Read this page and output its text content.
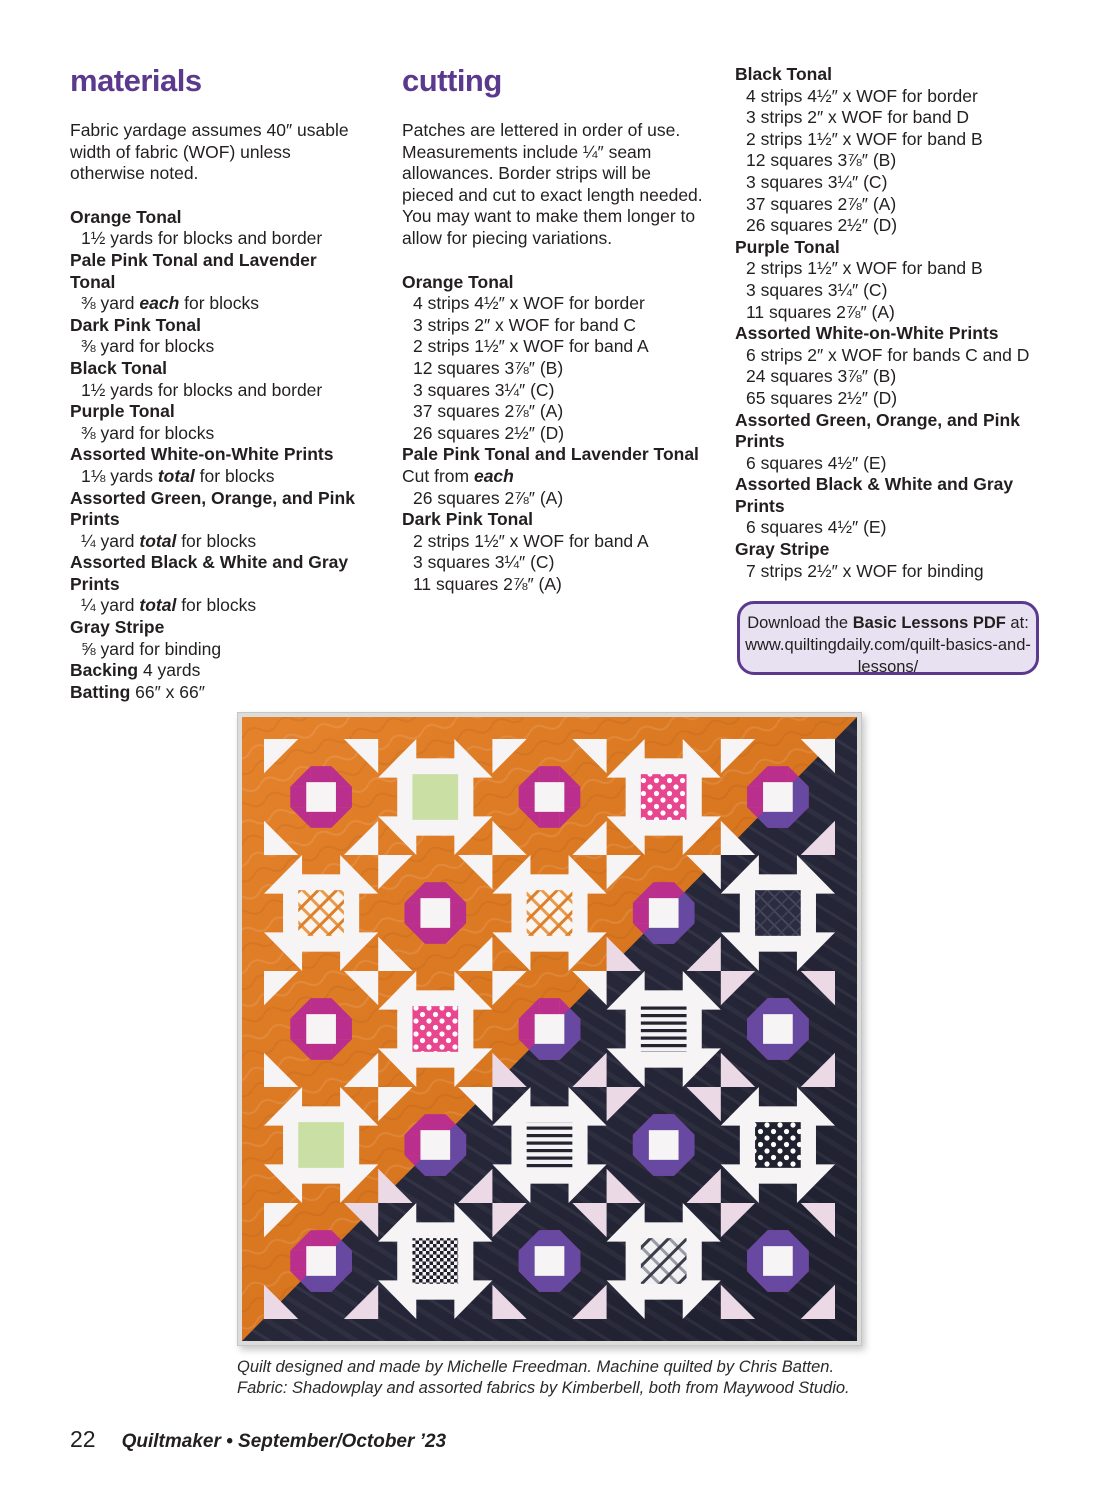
materials

Fabric yardage assumes 40″ usable width of fabric (WOF) unless otherwise noted.

Orange Tonal
1½ yards for blocks and border
Pale Pink Tonal and Lavender Tonal
⅜ yard each for blocks
Dark Pink Tonal
⅜ yard for blocks
Black Tonal
1½ yards for blocks and border
Purple Tonal
⅜ yard for blocks
Assorted White-on-White Prints
1⅛ yards total for blocks
Assorted Green, Orange, and Pink Prints
¼ yard total for blocks
Assorted Black & White and Gray Prints
¼ yard total for blocks
Gray Stripe
⅝ yard for binding
Backing 4 yards
Batting 66″ x 66″
cutting

Patches are lettered in order of use. Measurements include ¼″ seam allowances. Border strips will be pieced and cut to exact length needed. You may want to make them longer to allow for piecing variations.

Orange Tonal
4 strips 4½″ x WOF for border
3 strips 2″ x WOF for band C
2 strips 1½″ x WOF for band A
12 squares 3⅞″ (B)
3 squares 3¼″ (C)
37 squares 2⅞″ (A)
26 squares 2½″ (D)
Pale Pink Tonal and Lavender Tonal
Cut from each
26 squares 2⅞″ (A)
Dark Pink Tonal
2 strips 1½″ x WOF for band A
3 squares 3¼″ (C)
11 squares 2⅞″ (A)
Black Tonal
4 strips 4½″ x WOF for border
3 strips 2″ x WOF for band D
2 strips 1½″ x WOF for band B
12 squares 3⅞″ (B)
3 squares 3¼″ (C)
37 squares 2⅞″ (A)
26 squares 2½″ (D)
Purple Tonal
2 strips 1½″ x WOF for band B
3 squares 3¼″ (C)
11 squares 2⅞″ (A)
Assorted White-on-White Prints
6 strips 2″ x WOF for bands C and D
24 squares 3⅞″ (B)
65 squares 2½″ (D)
Assorted Green, Orange, and Pink Prints
6 squares 4½″ (E)
Assorted Black & White and Gray Prints
6 squares 4½″ (E)
Gray Stripe
7 strips 2½″ x WOF for binding
Download the Basic Lessons PDF at:
www.quiltingdaily.com/quilt-basics-and-lessons/
Quilt designed and made by Michelle Freedman. Machine quilted by Chris Batten.
Fabric: Shadowplay and assorted fabrics by Kimberbell, both from Maywood Studio.
22 Quiltmaker • September/October ’23
